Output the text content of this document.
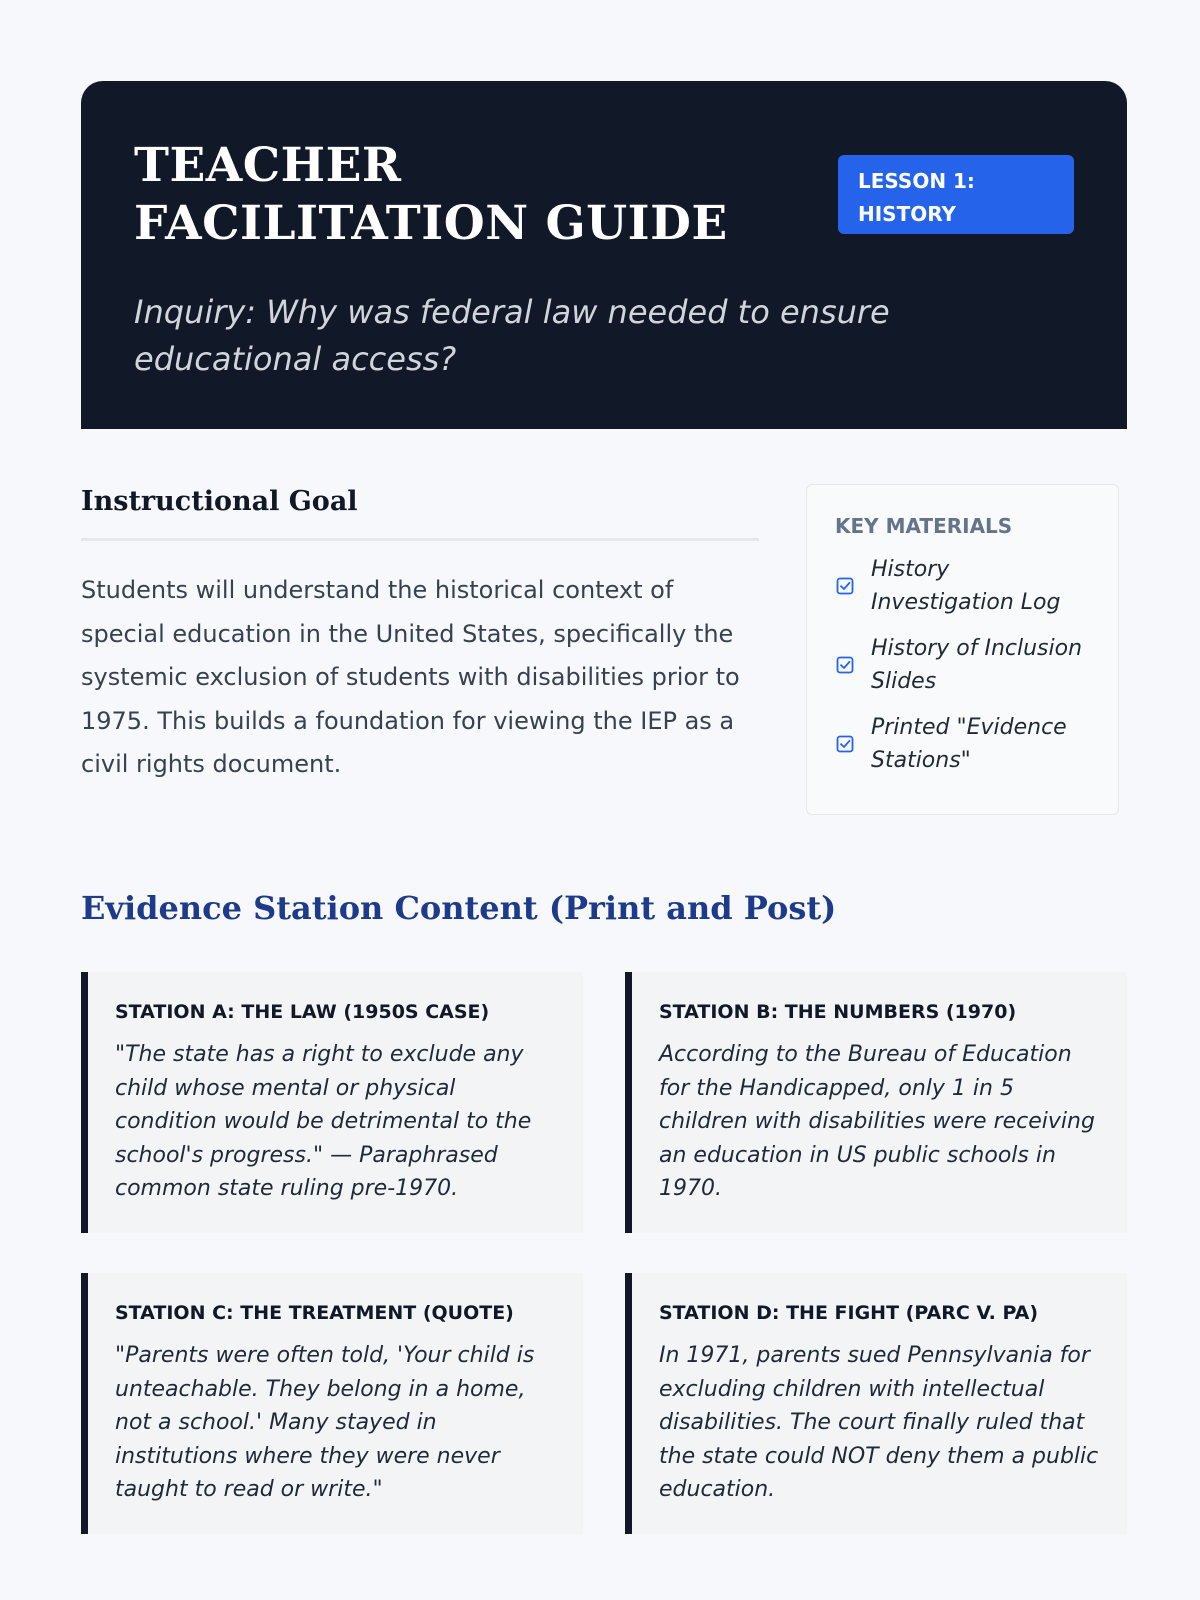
TEACHER FACILITATION GUIDE
LESSON 1: HISTORY

Inquiry: Why was federal law needed to ensure educational access?

Instructional Goal

Students will understand the historical context of special education in the United States, specifically the systemic exclusion of students with disabilities prior to 1975. This builds a foundation for viewing the IEP as a civil rights document.

KEY MATERIALS
History Investigation Log
History of Inclusion Slides
Printed "Evidence Stations"
Evidence Station Content (Print and Post)
STATION A: THE LAW (1950S CASE)

"The state has a right to exclude any child whose mental or physical condition would be detrimental to the school's progress." — Paraphrased common state ruling pre-1970.

STATION B: THE NUMBERS (1970)

According to the Bureau of Education for the Handicapped, only 1 in 5 children with disabilities were receiving an education in US public schools in 1970.

STATION C: THE TREATMENT (QUOTE)

"Parents were often told, 'Your child is unteachable. They belong in a home, not a school.' Many stayed in institutions where they were never taught to read or write."

STATION D: THE FIGHT (PARC V. PA)

In 1971, parents sued Pennsylvania for excluding children with intellectual disabilities. The court finally ruled that the state could NOT deny them a public education.
